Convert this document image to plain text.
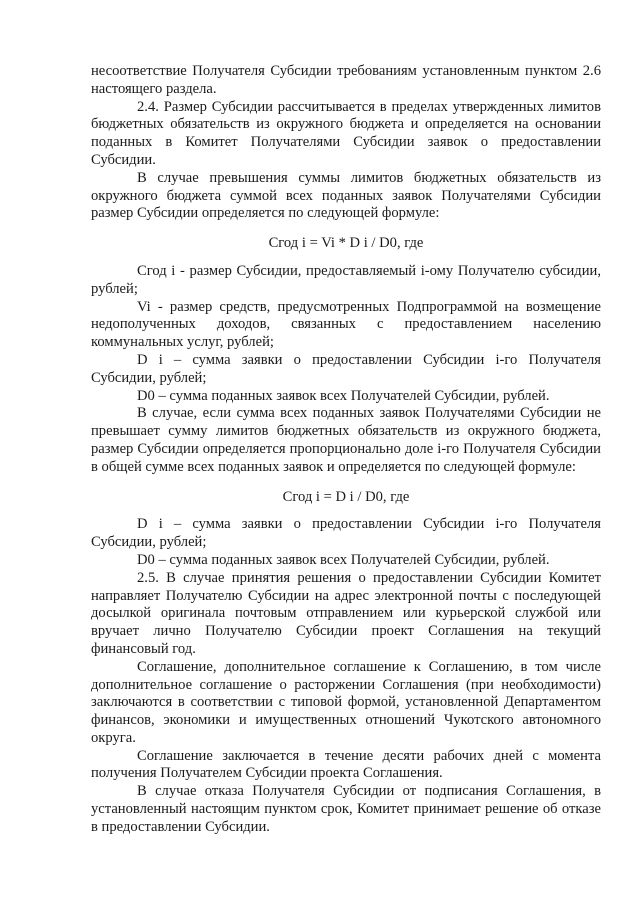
несоответствие Получателя Субсидии требованиям установленным пунктом 2.6 настоящего раздела.

2.4. Размер Субсидии рассчитывается в пределах утвержденных лимитов бюджетных обязательств из окружного бюджета и определяется на основании поданных в Комитет Получателями Субсидии заявок о предоставлении Субсидии.

В случае превышения суммы лимитов бюджетных обязательств из окружного бюджета суммой всех поданных заявок Получателями Субсидии размер Субсидии определяется по следующей формуле:

Сгод i = Vi * D i / D0, где

Сгод i - размер Субсидии, предоставляемый i-ому Получателю субсидии, рублей;

Vi - размер средств, предусмотренных Подпрограммой на возмещение недополученных доходов, связанных с предоставлением населению коммунальных услуг, рублей;

D i – сумма заявки о предоставлении Субсидии i-го Получателя Субсидии, рублей;

D0 – сумма поданных заявок всех Получателей Субсидии, рублей.

В случае, если сумма всех поданных заявок Получателями Субсидии не превышает сумму лимитов бюджетных обязательств из окружного бюджета, размер Субсидии определяется пропорционально доле i-го Получателя Субсидии в общей сумме всех поданных заявок и определяется по следующей формуле:

Сгод i = D i / D0, где

D i – сумма заявки о предоставлении Субсидии i-го Получателя Субсидии, рублей;

D0 – сумма поданных заявок всех Получателей Субсидии, рублей.

2.5. В случае принятия решения о предоставлении Субсидии Комитет направляет Получателю Субсидии на адрес электронной почты с последующей досылкой оригинала почтовым отправлением или курьерской службой или вручает лично Получателю Субсидии проект Соглашения на текущий финансовый год.

Соглашение, дополнительное соглашение к Соглашению, в том числе дополнительное соглашение о расторжении Соглашения (при необходимости) заключаются в соответствии с типовой формой, установленной Департаментом финансов, экономики и имущественных отношений Чукотского автономного округа.

Соглашение заключается в течение десяти рабочих дней с момента получения Получателем Субсидии проекта Соглашения.

В случае отказа Получателя Субсидии от подписания Соглашения, в установленный настоящим пунктом срок, Комитет принимает решение об отказе в предоставлении Субсидии.
